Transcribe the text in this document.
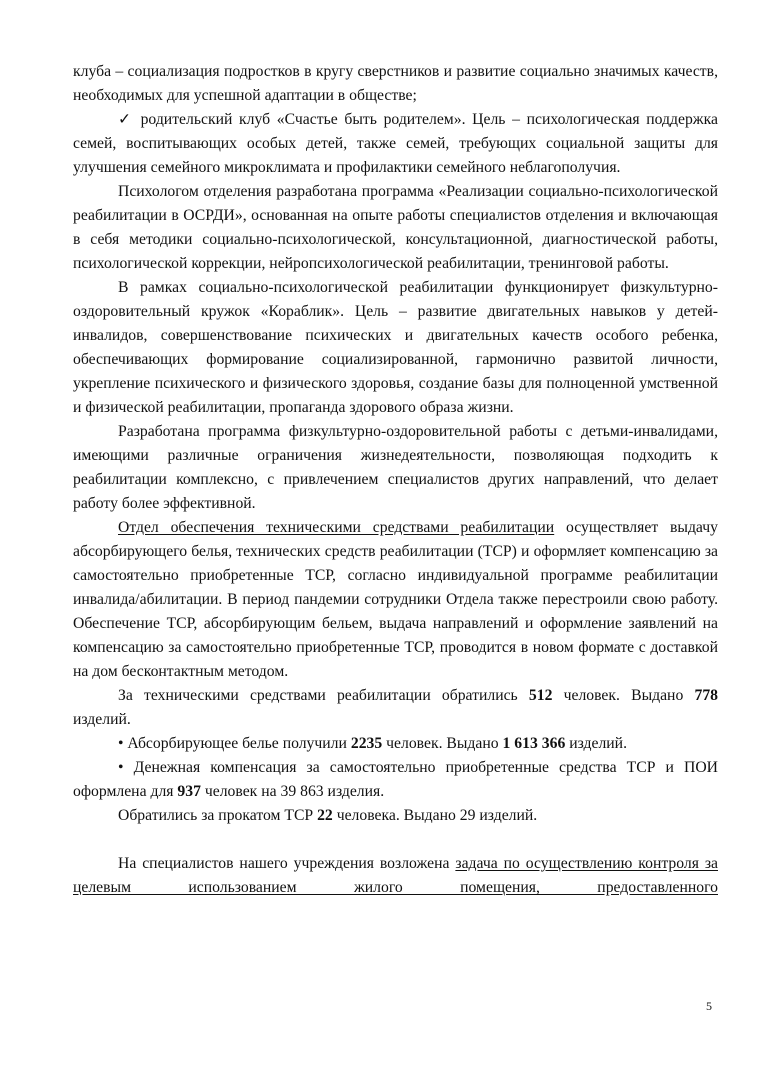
клуба – социализация подростков в кругу сверстников и развитие социально значимых качеств, необходимых для успешной адаптации в обществе;

✓ родительский клуб «Счастье быть родителем». Цель – психологическая поддержка семей, воспитывающих особых детей, также семей, требующих социальной защиты для улучшения семейного микроклимата и профилактики семейного неблагополучия.

Психологом отделения разработана программа «Реализации социально-психологической реабилитации в ОСРДИ», основанная на опыте работы специалистов отделения и включающая в себя методики социально-психологической, консультационной, диагностической работы, психологической коррекции, нейропсихологической реабилитации, тренинговой работы.

В рамках социально-психологической реабилитации функционирует физкультурно-оздоровительный кружок «Кораблик». Цель – развитие двигательных навыков у детей-инвалидов, совершенствование психических и двигательных качеств особого ребенка, обеспечивающих формирование социализированной, гармонично развитой личности, укрепление психического и физического здоровья, создание базы для полноценной умственной и физической реабилитации, пропаганда здорового образа жизни.

Разработана программа физкультурно-оздоровительной работы с детьми-инвалидами, имеющими различные ограничения жизнедеятельности, позволяющая подходить к реабилитации комплексно, с привлечением специалистов других направлений, что делает работу более эффективной.

Отдел обеспечения техническими средствами реабилитации осуществляет выдачу абсорбирующего белья, технических средств реабилитации (ТСР) и оформляет компенсацию за самостоятельно приобретенные ТСР, согласно индивидуальной программе реабилитации инвалида/абилитации. В период пандемии сотрудники Отдела также перестроили свою работу. Обеспечение ТСР, абсорбирующим бельем, выдача направлений и оформление заявлений на компенсацию за самостоятельно приобретенные ТСР, проводится в новом формате с доставкой на дом бесконтактным методом.

За техническими средствами реабилитации обратились 512 человек. Выдано 778 изделий.

• Абсорбирующее белье получили 2235 человек. Выдано 1 613 366 изделий.

• Денежная компенсация за самостоятельно приобретенные средства ТСР и ПОИ оформлена для 937 человек на 39 863 изделия.

Обратились за прокатом ТСР 22 человека. Выдано 29 изделий.

На специалистов нашего учреждения возложена задача по осуществлению контроля за целевым использованием жилого помещения, предоставленного

5
